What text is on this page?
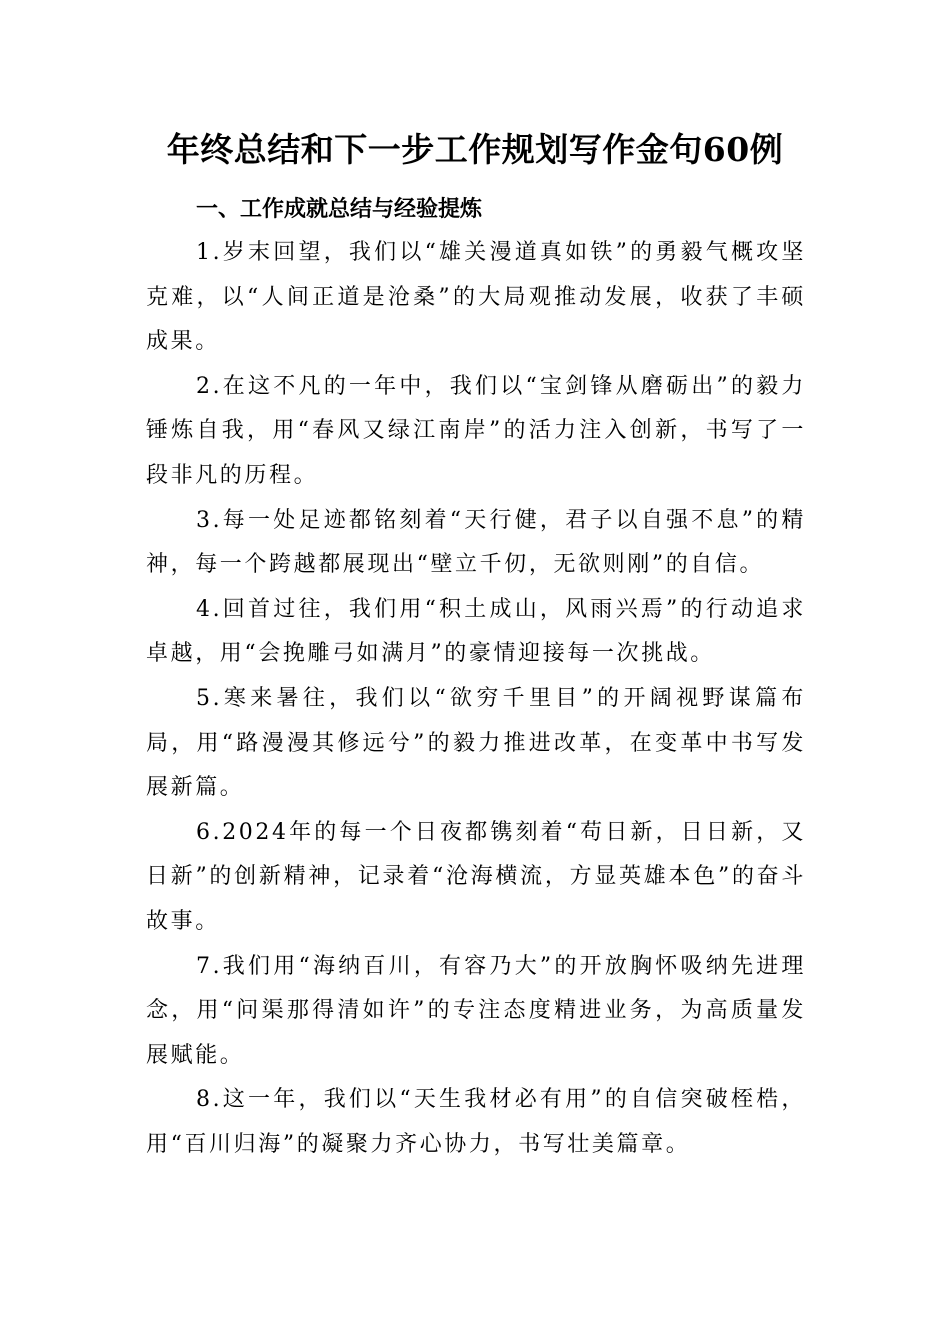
年终总结和下一步工作规划写作金句60例
一、工作成就总结与经验提炼

1.岁末回望，我们以“雄关漫道真如铁”的勇毅气概攻坚克难，以“人间正道是沧桑”的大局观推动发展，收获了丰硕成果。

2.在这不凡的一年中，我们以“宝剑锋从磨砺出”的毅力锤炼自我，用“春风又绿江南岸”的活力注入创新，书写了一段非凡的历程。

3.每一处足迹都铭刻着“天行健，君子以自强不息”的精神，每一个跨越都展现出“壁立千仞，无欲则刚”的自信。

4.回首过往，我们用“积土成山，风雨兴焉”的行动追求卓越，用“会挽雕弓如满月”的豪情迎接每一次挑战。

5.寒来暑往，我们以“欲穷千里目”的开阔视野谋篇布局，用“路漫漫其修远兮”的毅力推进改革，在变革中书写发展新篇。

6.2024年的每一个日夜都镌刻着“苟日新，日日新，又日新”的创新精神，记录着“沧海横流，方显英雄本色”的奋斗故事。

7.我们用“海纳百川，有容乃大”的开放胸怀吸纳先进理念，用“问渠那得清如许”的专注态度精进业务，为高质量发展赋能。

8.这一年，我们以“天生我材必有用”的自信突破桎梏，用“百川归海”的凝聚力齐心协力，书写壮美篇章。
